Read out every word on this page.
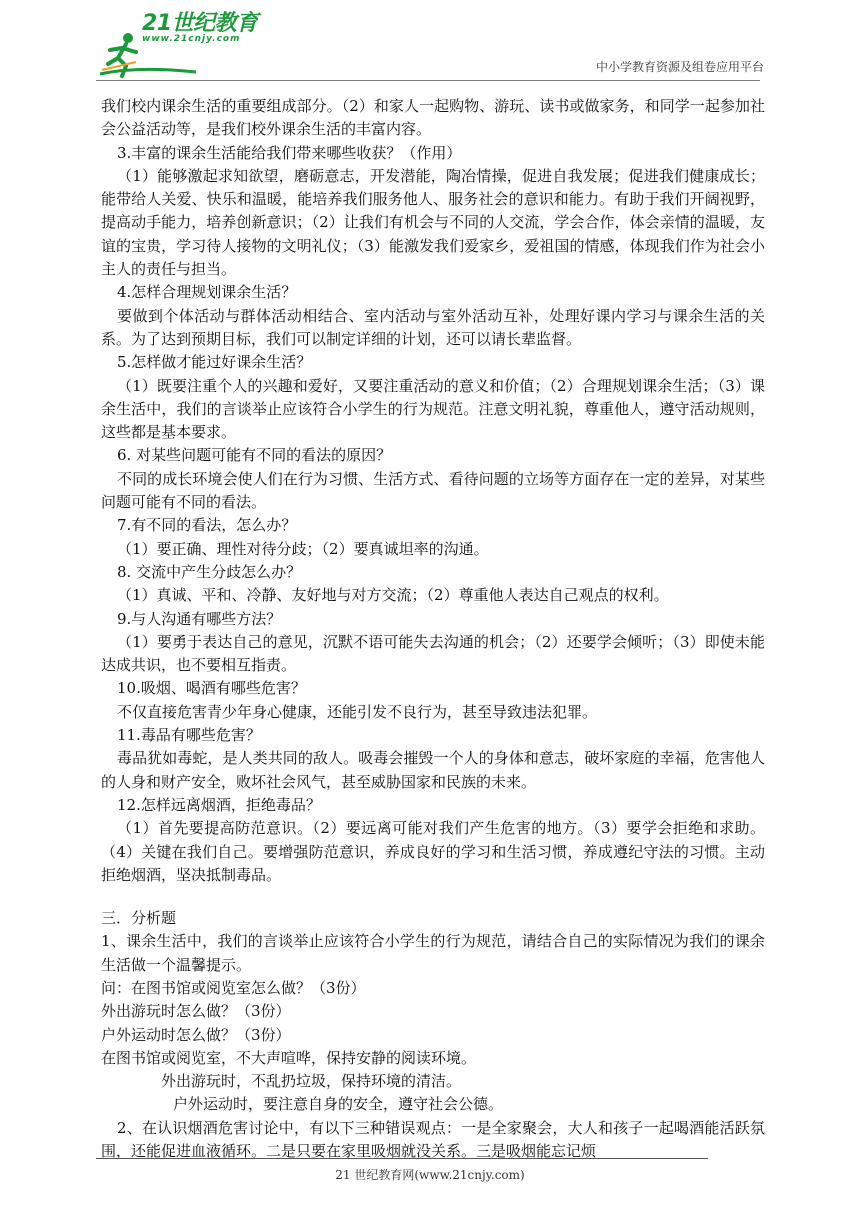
21世纪教育
www.21cnjy.com
中小学教育资源及组卷应用平台

我们校内课余生活的重要组成部分。（2）和家人一起购物、游玩、读书或做家务，和同学一起参加社会公益活动等，是我们校外课余生活的丰富内容。

3.丰富的课余生活能给我们带来哪些收获？（作用）

（1）能够激起求知欲望，磨砺意志，开发潜能，陶冶情操，促进自我发展；促进我们健康成长；能带给人关爱、快乐和温暖，能培养我们服务他人、服务社会的意识和能力。有助于我们开阔视野，提高动手能力，培养创新意识；（2）让我们有机会与不同的人交流，学会合作，体会亲情的温暖，友谊的宝贵，学习待人接物的文明礼仪；（3）能激发我们爱家乡，爱祖国的情感，体现我们作为社会小主人的责任与担当。

4.怎样合理规划课余生活？

要做到个体活动与群体活动相结合、室内活动与室外活动互补，处理好课内学习与课余生活的关系。为了达到预期目标，我们可以制定详细的计划，还可以请长辈监督。

5.怎样做才能过好课余生活？

（1）既要注重个人的兴趣和爱好，又要注重活动的意义和价值；（2）合理规划课余生活；（3）课余生活中，我们的言谈举止应该符合小学生的行为规范。注意文明礼貌，尊重他人，遵守活动规则，这些都是基本要求。

6. 对某些问题可能有不同的看法的原因？

不同的成长环境会使人们在行为习惯、生活方式、看待问题的立场等方面存在一定的差异，对某些问题可能有不同的看法。

7.有不同的看法，怎么办？

（1）要正确、理性对待分歧；（2）要真诚坦率的沟通。

8. 交流中产生分歧怎么办？

（1）真诚、平和、冷静、友好地与对方交流；（2）尊重他人表达自己观点的权利。

9.与人沟通有哪些方法？

（1）要勇于表达自己的意见，沉默不语可能失去沟通的机会；（2）还要学会倾听；（3）即使未能达成共识，也不要相互指责。

10.吸烟、喝酒有哪些危害？

不仅直接危害青少年身心健康，还能引发不良行为，甚至导致违法犯罪。

11.毒品有哪些危害？

毒品犹如毒蛇，是人类共同的敌人。吸毒会摧毁一个人的身体和意志，破坏家庭的幸福，危害他人的人身和财产安全，败坏社会风气，甚至威胁国家和民族的未来。

12.怎样远离烟酒，拒绝毒品？

（1）首先要提高防范意识。（2）要远离可能对我们产生危害的地方。（3）要学会拒绝和求助。（4）关键在我们自己。要增强防范意识，养成良好的学习和生活习惯，养成遵纪守法的习惯。主动拒绝烟酒，坚决抵制毒品。

三．分析题

1、课余生活中，我们的言谈举止应该符合小学生的行为规范，请结合自己的实际情况为我们的课余生活做一个温馨提示。

问：在图书馆或阅览室怎么做？（3份）

外出游玩时怎么做？（3份）

户外运动时怎么做？（3份）

在图书馆或阅览室，不大声喧哗，保持安静的阅读环境。

外出游玩时，不乱扔垃圾，保持环境的清洁。

户外运动时，要注意自身的安全，遵守社会公德。

2、在认识烟酒危害讨论中，有以下三种错误观点：一是全家聚会，大人和孩子一起喝酒能活跃氛围，还能促进血液循环。二是只要在家里吸烟就没关系。三是吸烟能忘记烦

21 世纪教育网(www.21cnjy.com)
